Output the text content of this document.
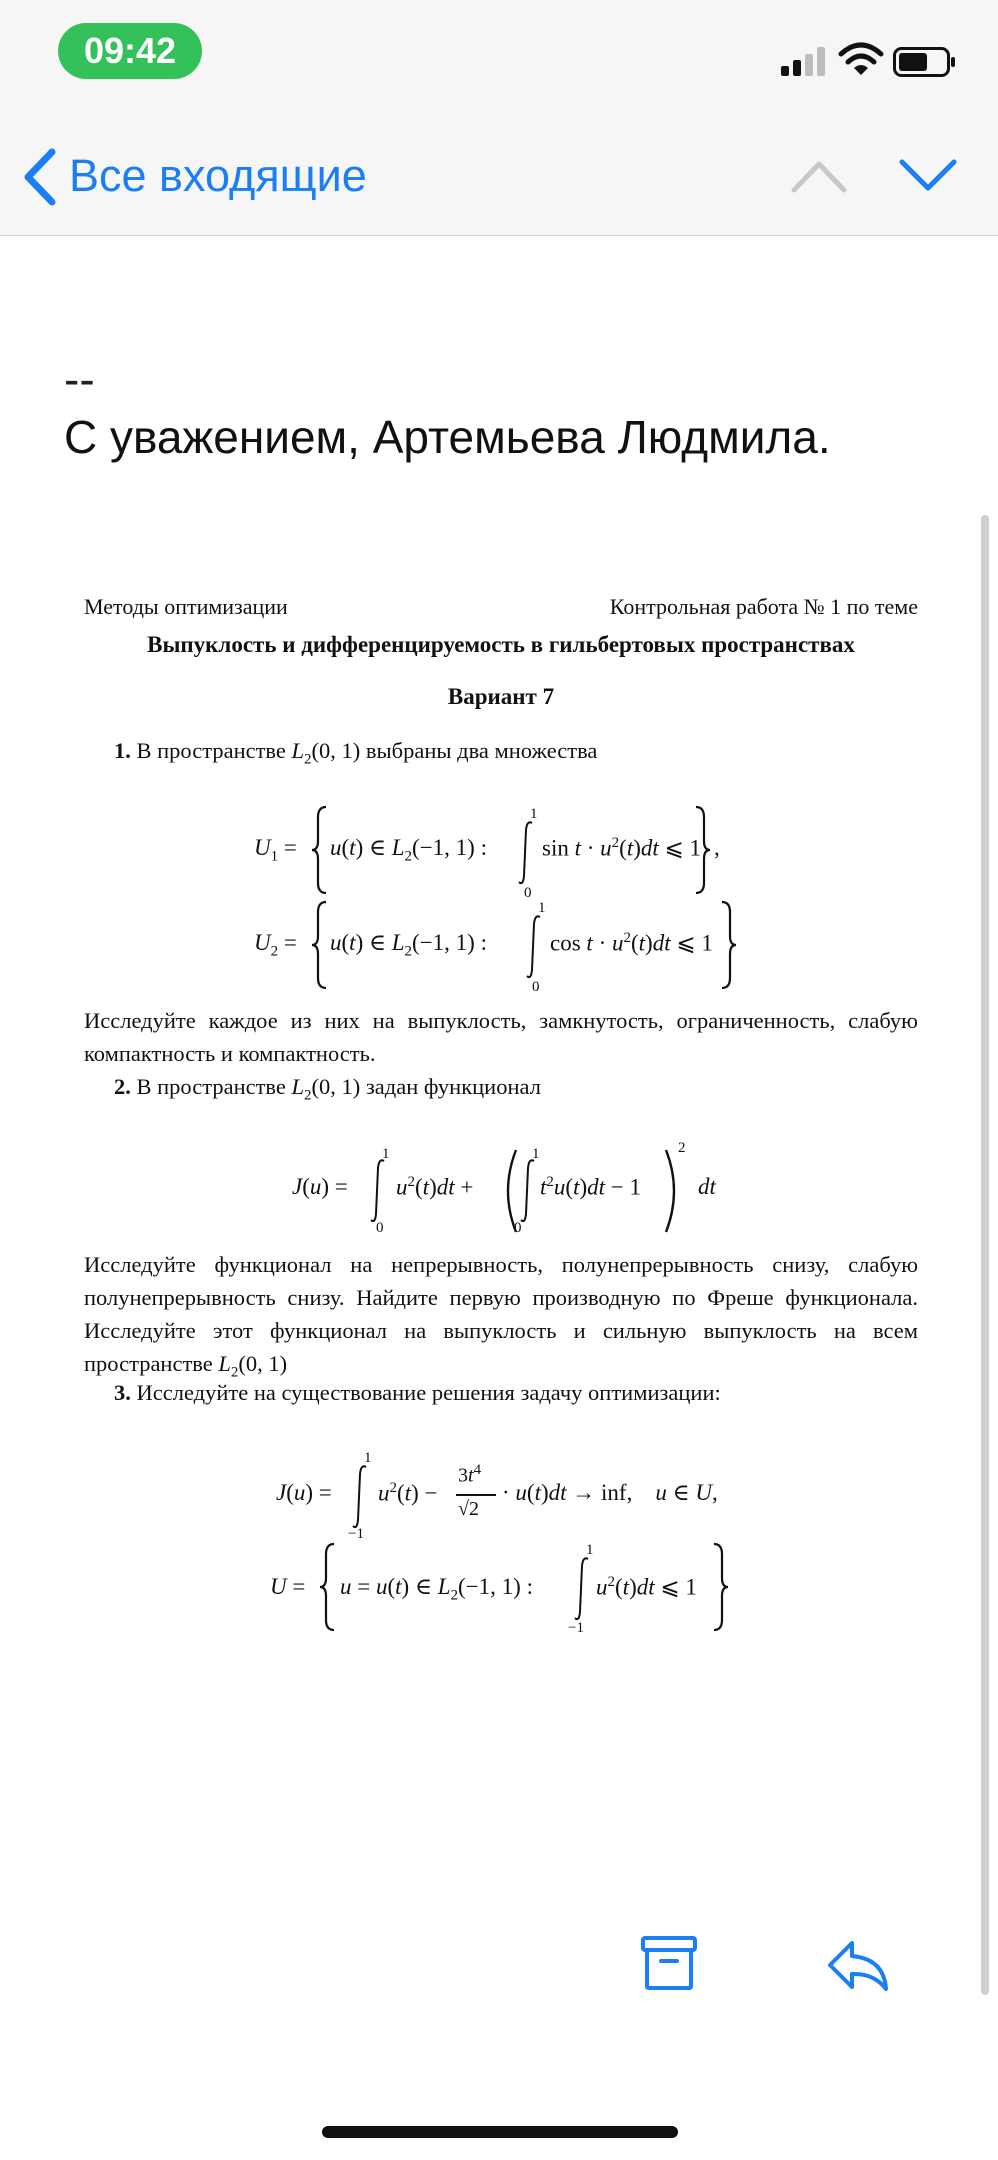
09:42
Все входящие
--
С уважением, Артемьева Людмила.
Методы оптимизации	Контрольная работа № 1 по теме
Выпуклость и дифференцируемость в гильбертовых пространствах
Вариант 7
1. В пространстве $L_2(0$, 1) выбраны два множества
$U_1 = u(t)$ ∈ $L_2(-1$, 1) :
1
0
$\sin t \cdot u^2(t)dt$ ⩽ 1 ,
$U_2 = u(t)$ ∈ $L_2(-1$, 1) :
1
0
$\cos t \cdot u^2(t)dt$ ⩽ 1
Исследуйте каждое из них на выпуклость, замкнутость, ограниченность, слабую компактность и компактность.
2. В пространстве $L_2(0$, 1) задан функционал
J(u) =
1
0
$u^2(t)dt$ +
1
0
$t^2u(t)dt - 1$
2
dt
Исследуйте функционал на непрерывность, полунепрерывность снизу, слабую полунепрерывность снизу. Найдите первую производную по Фреше функционала. Исследуйте этот функционал на выпуклость и сильную выпуклость на всем пространстве $L_2(0$, 1)
3. Исследуйте на существование решения задачу оптимизации:
J(u) =
1
−1
$u^2(t)$ −
$3t^4$
√2
· u(t)dt → inf,    u ∈ U,
U = u = u(t) ∈ $L_2(-1$, 1) :
1
−1
$u^2(t)dt$ ⩽ 1
